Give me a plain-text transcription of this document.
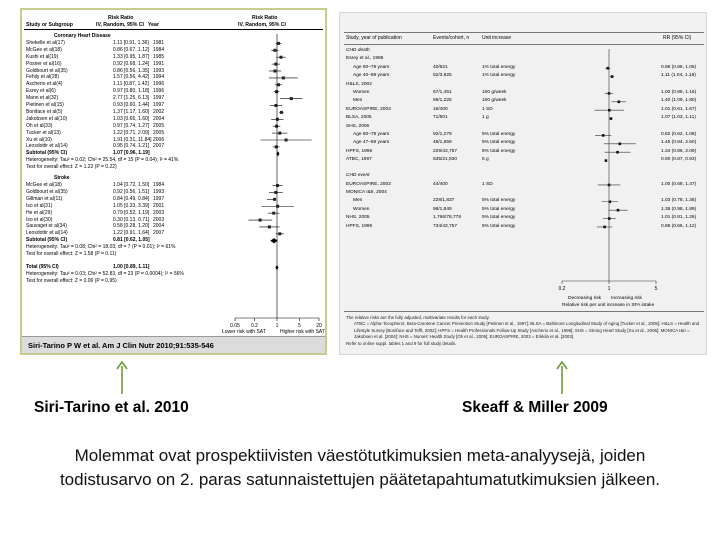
Study or Subgroup
Risk Ratio
IV, Random, 95% CI Year
Risk Ratio
IV, Random, 95% CI
Coronary Heart Disease
Shekelle et al(17)	1.11 [0.91, 1.36] 1981
McGee et al(18)	0.86 [0.67, 1.12] 1984
Kushi et al(19)	1.33 [0.95, 1.87] 1985
Posner et al(16)	0.92 [0.68, 1.24] 1991
Goldbourt et al(35)	0.86 [0.56, 1.35] 1993
Fehily et al(28)	1.57 [0.56, 4.42] 1994
Ascherio et al(4)	1.11 [0.87, 1.42] 1996
Esrey et al(6)	0.97 [0.80, 1.18] 1996
Mann et al(32)	2.77 [1.25, 6.13] 1997
Pietinen et al(15)	0.93 [0.60, 1.44] 1997
Boniface et al(5)	1.37 [1.17, 1.60] 2002
Jakobsen et al(10)	1.03 [0.66, 1.60] 2004
Oh et al(33)	0.97 [0.74, 1.27] 2005
Tucker et al(13)	1.22 [0.71, 2.09] 2005
Xu et al(10)	1.91 [0.31, 11.84] 2006
Leosdottir et al(14)	0.95 [0.74, 1.21] 2007
Subtotal (95% CI)	1.07 [0.96, 1.19]
Heterogeneity: Tau² = 0.02; Chi² = 25.54, df = 15 (P = 0.04); I² = 41%
Test for overall effect: Z = 1.22 (P = 0.22)
Stroke
McGee et al(18)	1.04 [0.72, 1.50] 1984
Goldbourt et al(35)	0.92 [0.56, 1.51] 1993
Gillman et al(11)	0.84 [0.49, 0.84] 1997
Iso et al(31)	1.05 [0.33, 3.39] 2001
He et al(29)	0.79 [0.52, 1.19] 2003
Iso et al(30)	0.30 [0.13, 0.71] 2003
Sauvaget et al(34)	0.58 [0.28, 1.20] 2004
Leosdottir et al(14)	1.22 [0.91, 1.64] 2007
Subtotal (95% CI)	0.81 [0.62, 1.05]
Heterogeneity: Tau² = 0.08; Chi² = 18.03, df = 7 (P = 0.01); I² = 61%
Test for overall effect: Z = 1.58 (P = 0.11)
Total (95% CI)	1.00 [0.89, 1.11]
Heterogeneity: Tau² = 0.03; Chi² = 52.83, df = 23 (P = 0.0004); I² = 56%
Test for overall effect: Z = 0.06 (P = 0.95)
0.05 0.2	1	5	20
Lower risk with SAT	Higher risk with SAT
Siri-Tarino P W et al. Am J Clin Nutr 2010;91:535-546
Study, year of publication	Events/cohort, n	Unit increase	RR (95% CI)
CHD death
Esrey et al., 1996
Age 60–79 years	40/621	1% total energy	0.96 (0.88, 1.05)
Age 40–59 years	52/3,925	1% total energy	1.11 (1.04, 1.18)
H&LS, 2002
Women	57/1,451	100 g/week	1.00 (0.86, 1.16)
Men	98/1,225	100 g/week	1.40 (1.09, 1.80)
EUROASPIRE, 2003	16/400	1 SD	1.01 (0.61, 1.67)
BLSA, 2005	71/501	1 g	1.07 (1.03, 1.11)
SHS, 2006
Age 60–79 years	92/1,279	5% total energy	0.82 (0.62, 1.08)
Age 47–59 years	46/1,659	5% total energy	1.45 (0.84, 2.50)
HPFS, 1996	229/43,757	5% total energy	1.34 (0.86, 2.09)
ATBC, 1997	635/21,930	5 g	0.90 (0.87, 0.93)
CHD event
EUROASPIRE, 2003	44/400	1 SD	1.00 (0.68, 1.47)
MONICA I&II, 2004
Men	228/1,837	5% total energy	1.03 (0.78, 1.36)
Women	98/1,849	5% total energy	1.36 (0.98, 1.89)
NHS, 2005	1,766/78,778	5% total energy	1.01 (0.81, 1.26)
HPFS, 1996	734/43,757	5% total energy	0.86 (0.66, 1.12)
0.2	1	5
Decreasing risk Increasing risk
Relative risk per unit increase in SFA intake
The relative risks are the fully adjusted, multivariate results for each study.
ATBC = Alpha-Tocopherol, Beta-Carotene Cancer Prevention Study [Pietinen et al., 1997]; BLSA = Baltimore Longitudinal Study of Aging [Tucker et al., 2005]; H&LS = Health and Lifestyle Survey [Boniface and Tefft, 2002]; HPFS = Health Professionals Follow-Up Study [Ascherio et al., 1996]; SHS = Strong Heart Study [Xu et al., 2006]; MONICA I&II = Jakobsen et al. [2004]; NHS = Nurses' Health Study [Oh et al., 2005]; EUROASPIRE, 2003 = Erkkila et al. [2003].
Refer to online suppl. tables 1 and 9 for full study details.
Siri-Tarino et al. 2010	Skeaff & Miller 2009
Molemmat ovat prospektiivisten väestötutkimuksien meta-analyysejä, joiden todistusarvo on 2. paras satunnaistettujen päätetapahtumatutkimuksien jälkeen.
